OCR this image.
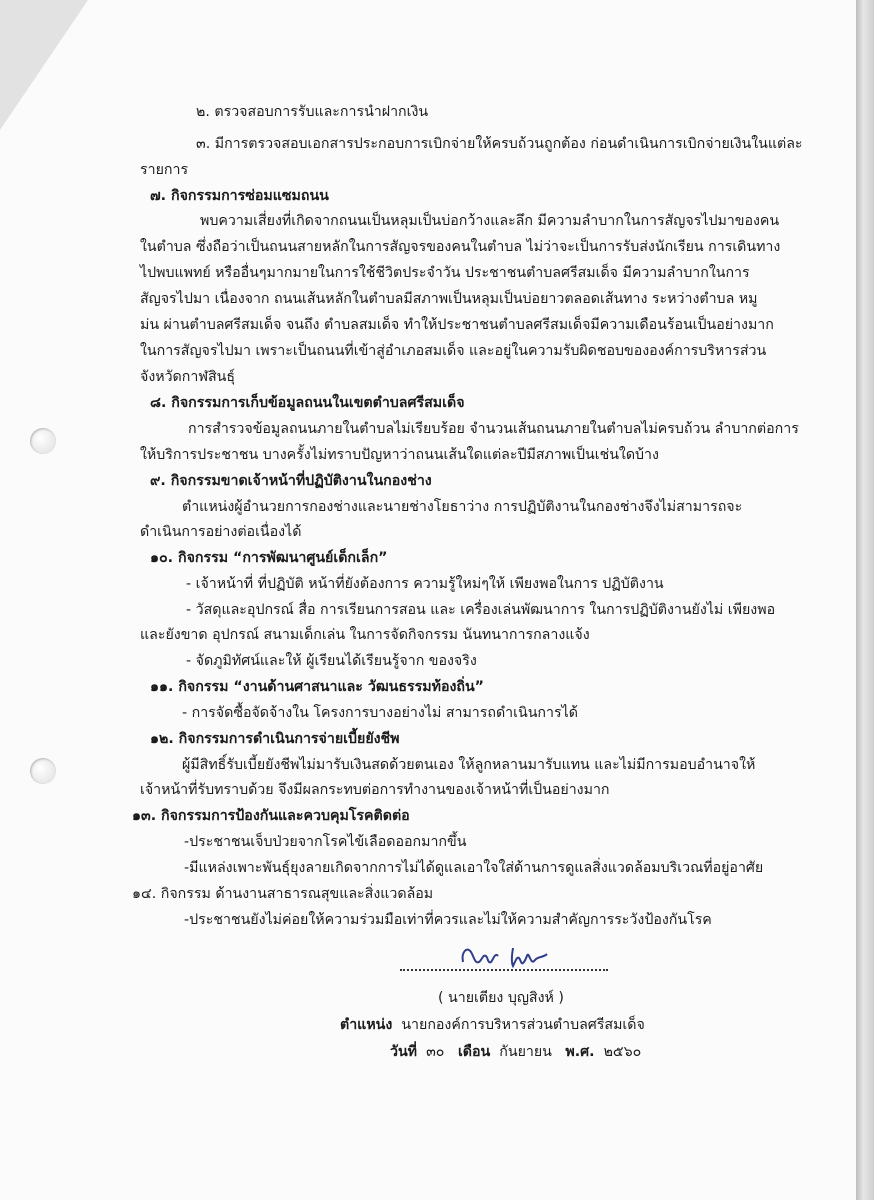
๒. ตรวจสอบการรับและการนำฝากเงิน
๓. มีการตรวจสอบเอกสารประกอบการเบิกจ่ายให้ครบถ้วนถูกต้อง ก่อนดำเนินการเบิกจ่ายเงินในแต่ละ
รายการ
๗. กิจกรรมการซ่อมแซมถนน
พบความเสี่ยงที่เกิดจากถนนเป็นหลุมเป็นบ่อกว้างและลึก มีความลำบากในการสัญจรไปมาของคน
ในตำบล ซึ่งถือว่าเป็นถนนสายหลักในการสัญจรของคนในตำบล ไม่ว่าจะเป็นการรับส่งนักเรียน การเดินทาง
ไปพบแพทย์ หรืออื่นๆมากมายในการใช้ชีวิตประจำวัน ประชาชนตำบลศรีสมเด็จ มีความลำบากในการ
สัญจรไปมา เนื่องจาก ถนนเส้นหลักในตำบลมีสภาพเป็นหลุมเป็นบ่อยาวตลอดเส้นทาง ระหว่างตำบล หมู
ม่น ผ่านตำบลศรีสมเด็จ จนถึง ตำบลสมเด็จ ทำให้ประชาชนตำบลศรีสมเด็จมีความเดือนร้อนเป็นอย่างมาก
ในการสัญจรไปมา เพราะเป็นถนนที่เข้าสู่อำเภอสมเด็จ และอยู่ในความรับผิดชอบขององค์การบริหารส่วน
จังหวัดกาฬสินธุ์
๘. กิจกรรมการเก็บข้อมูลถนนในเขตตำบลศรีสมเด็จ
การสำรวจข้อมูลถนนภายในตำบลไม่เรียบร้อย จำนวนเส้นถนนภายในตำบลไม่ครบถ้วน ลำบากต่อการ
ให้บริการประชาชน บางครั้งไม่ทราบปัญหาว่าถนนเส้นใดแต่ละปีมีสภาพเป็นเช่นใดบ้าง
๙. กิจกรรมขาดเจ้าหน้าที่ปฏิบัติงานในกองช่าง
ตำแหน่งผู้อำนวยการกองช่างและนายช่างโยธาว่าง การปฏิบัติงานในกองช่างจึงไม่สามารถจะ
ดำเนินการอย่างต่อเนื่องได้
๑๐. กิจกรรม “การพัฒนาศูนย์เด็กเล็ก”
- เจ้าหน้าที่ ที่ปฏิบัติ หน้าที่ยังต้องการ ความรู้ใหม่ๆให้ เพียงพอในการ ปฏิบัติงาน
- วัสดุและอุปกรณ์ สื่อ การเรียนการสอน และ เครื่องเล่นพัฒนาการ ในการปฏิบัติงานยังไม่ เพียงพอ
และยังขาด อุปกรณ์ สนามเด็กเล่น ในการจัดกิจกรรม นันทนาการกลางแจ้ง
- จัดภูมิทัศน์และให้ ผู้เรียนได้เรียนรู้จาก ของจริง
๑๑. กิจกรรม “งานด้านศาสนาและ วัฒนธรรมท้องถิ่น”
- การจัดซื้อจัดจ้างใน โครงการบางอย่างไม่ สามารถดำเนินการได้
๑๒. กิจกรรมการดำเนินการจ่ายเบี้ยยังชีพ
ผู้มีสิทธิ์รับเบี้ยยังชีพไม่มารับเงินสดด้วยตนเอง ให้ลูกหลานมารับแทน และไม่มีการมอบอำนาจให้
เจ้าหน้าที่รับทราบด้วย จึงมีผลกระทบต่อการทำงานของเจ้าหน้าที่เป็นอย่างมาก
๑๓. กิจกรรมการป้องกันและควบคุมโรคติดต่อ
-ประชาชนเจ็บป่วยจากโรคไข้เลือดออกมากขึ้น
-มีแหล่งเพาะพันธุ์ยุงลายเกิดจากการไม่ได้ดูแลเอาใจใส่ด้านการดูแลสิ่งแวดล้อมบริเวณที่อยู่อาศัย
๑๔. กิจกรรม ด้านงานสาธารณสุขและสิ่งแวดล้อม
-ประชาชนยังไม่ค่อยให้ความร่วมมือเท่าที่ควรและไม่ให้ความสำคัญการระวังป้องกันโรค
( นายเตียง บุญสิงห์ )
ตำแหน่ง นายกองค์การบริหารส่วนตำบลศรีสมเด็จ
วันที่ ๓๐ เดือน กันยายน พ.ศ. ๒๕๖๐
